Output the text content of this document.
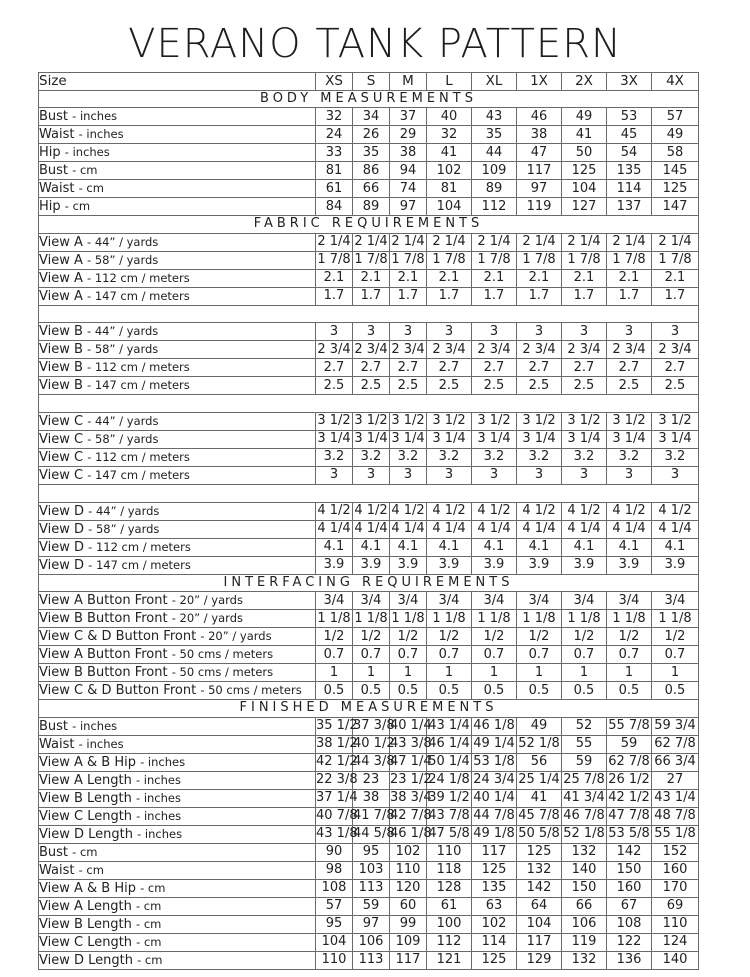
VERANO TANK PATTERN
Size	XS	S	M	L	XL	1X	2X	3X	4X
BODY MEASUREMENTS									
Bust - inches	32	34	37	40	43	46	49	53	57
Waist - inches	24	26	29	32	35	38	41	45	49
Hip - inches	33	35	38	41	44	47	50	54	58
Bust - cm	81	86	94	102	109	117	125	135	145
Waist - cm	61	66	74	81	89	97	104	114	125
Hip - cm	84	89	97	104	112	119	127	137	147
FABRIC REQUIREMENTS									
View A - 44” / yards	2 1/4	2 1/4	2 1/4	2 1/4	2 1/4	2 1/4	2 1/4	2 1/4	2 1/4
View A - 58” / yards	1 7/8	1 7/8	1 7/8	1 7/8	1 7/8	1 7/8	1 7/8	1 7/8	1 7/8
View A - 112 cm / meters	2.1	2.1	2.1	2.1	2.1	2.1	2.1	2.1	2.1
View A - 147 cm / meters	1.7	1.7	1.7	1.7	1.7	1.7	1.7	1.7	1.7

View B - 44” / yards	3	3	3	3	3	3	3	3	3
View B - 58” / yards	2 3/4	2 3/4	2 3/4	2 3/4	2 3/4	2 3/4	2 3/4	2 3/4	2 3/4
View B - 112 cm / meters	2.7	2.7	2.7	2.7	2.7	2.7	2.7	2.7	2.7
View B - 147 cm / meters	2.5	2.5	2.5	2.5	2.5	2.5	2.5	2.5	2.5

View C - 44” / yards	3 1/2	3 1/2	3 1/2	3 1/2	3 1/2	3 1/2	3 1/2	3 1/2	3 1/2
View C - 58” / yards	3 1/4	3 1/4	3 1/4	3 1/4	3 1/4	3 1/4	3 1/4	3 1/4	3 1/4
View C - 112 cm / meters	3.2	3.2	3.2	3.2	3.2	3.2	3.2	3.2	3.2
View C - 147 cm / meters	3	3	3	3	3	3	3	3	3

View D - 44” / yards	4 1/2	4 1/2	4 1/2	4 1/2	4 1/2	4 1/2	4 1/2	4 1/2	4 1/2
View D - 58” / yards	4 1/4	4 1/4	4 1/4	4 1/4	4 1/4	4 1/4	4 1/4	4 1/4	4 1/4
View D - 112 cm / meters	4.1	4.1	4.1	4.1	4.1	4.1	4.1	4.1	4.1
View D - 147 cm / meters	3.9	3.9	3.9	3.9	3.9	3.9	3.9	3.9	3.9
INTERFACING REQUIREMENTS									
View A Button Front - 20” / yards	3/4	3/4	3/4	3/4	3/4	3/4	3/4	3/4	3/4
View B Button Front - 20” / yards	1 1/8	1 1/8	1 1/8	1 1/8	1 1/8	1 1/8	1 1/8	1 1/8	1 1/8
View C & D Button Front - 20” / yards	1/2	1/2	1/2	1/2	1/2	1/2	1/2	1/2	1/2
View A Button Front - 50 cms / meters	0.7	0.7	0.7	0.7	0.7	0.7	0.7	0.7	0.7
View B Button Front - 50 cms / meters	1	1	1	1	1	1	1	1	1
View C & D Button Front - 50 cms / meters	0.5	0.5	0.5	0.5	0.5	0.5	0.5	0.5	0.5
FINISHED MEASUREMENTS									
Bust - inches	35 1/2	37 3/8	40 1/4	43 1/4	46 1/8	49	52	55 7/8	59 3/4
Waist - inches	38 1/2	40 1/2	43 3/8	46 1/4	49 1/4	52 1/8	55	59	62 7/8
View A & B Hip - inches	42 1/2	44 3/8	47 1/4	50 1/4	53 1/8	56	59	62 7/8	66 3/4
View A Length - inches	22 3/8	23	23 1/2	24 1/8	24 3/4	25 1/4	25 7/8	26 1/2	27
View B Length - inches	37 1/4	38	38 3/4	39 1/2	40 1/4	41	41 3/4	42 1/2	43 1/4
View C Length - inches	40 7/8	41 7/8	42 7/8	43 7/8	44 7/8	45 7/8	46 7/8	47 7/8	48 7/8
View D Length - inches	43 1/8	44 5/8	46 1/8	47 5/8	49 1/8	50 5/8	52 1/8	53 5/8	55 1/8
Bust - cm	90	95	102	110	117	125	132	142	152
Waist - cm	98	103	110	118	125	132	140	150	160
View A & B Hip - cm	108	113	120	128	135	142	150	160	170
View A Length - cm	57	59	60	61	63	64	66	67	69
View B Length - cm	95	97	99	100	102	104	106	108	110
View C Length - cm	104	106	109	112	114	117	119	122	124
View D Length - cm	110	113	117	121	125	129	132	136	140
